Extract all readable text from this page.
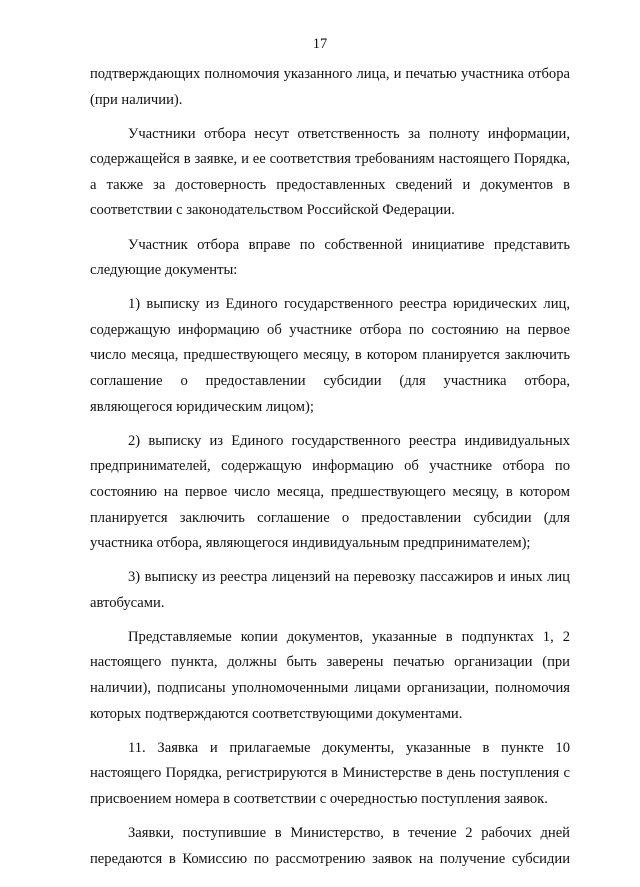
17

подтверждающих полномочия указанного лица, и печатью участника отбора (при наличии).

Участники отбора несут ответственность за полноту информации, содержащейся в заявке, и ее соответствия требованиям настоящего Порядка, а также за достоверность предоставленных сведений и документов в соответствии с законодательством Российской Федерации.

Участник отбора вправе по собственной инициативе представить следующие документы:

1) выписку из Единого государственного реестра юридических лиц, содержащую информацию об участнике отбора по состоянию на первое число месяца, предшествующего месяцу, в котором планируется заключить соглашение о предоставлении субсидии (для участника отбора, являющегося юридическим лицом);

2) выписку из Единого государственного реестра индивидуальных предпринимателей, содержащую информацию об участнике отбора по состоянию на первое число месяца, предшествующего месяцу, в котором планируется заключить соглашение о предоставлении субсидии (для участника отбора, являющегося индивидуальным предпринимателем);

3) выписку из реестра лицензий на перевозку пассажиров и иных лиц автобусами.

Представляемые копии документов, указанные в подпунктах 1, 2 настоящего пункта, должны быть заверены печатью организации (при наличии), подписаны уполномоченными лицами организации, полномочия которых подтверждаются соответствующими документами.

11. Заявка и прилагаемые документы, указанные в пункте 10 настоящего Порядка, регистрируются в Министерстве в день поступления с присвоением номера в соответствии с очередностью поступления заявок.

Заявки, поступившие в Министерство, в течение 2 рабочих дней передаются в Комиссию по рассмотрению заявок на получение субсидии
